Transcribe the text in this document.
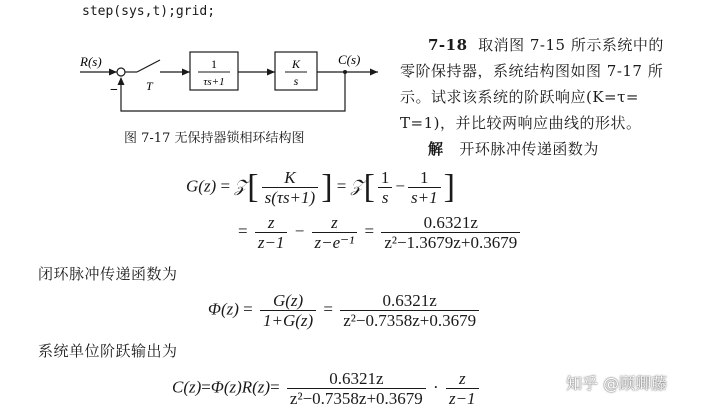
step(sys,t);grid;
R(s)	C(s)
T
−
1
τs+1
K
s
图 7-17 无保持器锁相环结构图
7-18 取消图 7-15 所示系统中的
零阶保持器，系统结构图如图 7-17 所
示。试求该系统的阶跃响应(K=τ=
T=1)，并比较两响应曲线的形状。
解 开环脉冲传递函数为
G(z) = 𝒵[ $\frac{K}{s(\tau s+1)}$ ] = 𝒵[ $\frac{1}{s} - \frac{1}{s+1}$ ]
= $\frac{z}{z-1} - \frac{z}{\text{z−e⁻¹}} = \frac{0.6321z}{\text{z²−1.3679z+0.3679}}$
闭环脉冲传递函数为
$\Phi(z) = \frac{G(z)}{1+G(z)} = \frac{0.6321z}{\text{z²−0.7358z+0.3679}}$
系统单位阶跃输出为
$C(z)=\Phi(z)R(z)= \frac{0.6321z}{\text{z²−0.7358z+0.3679}} \cdot \frac{z}{z-1}$	知乎 @顾卿藤
